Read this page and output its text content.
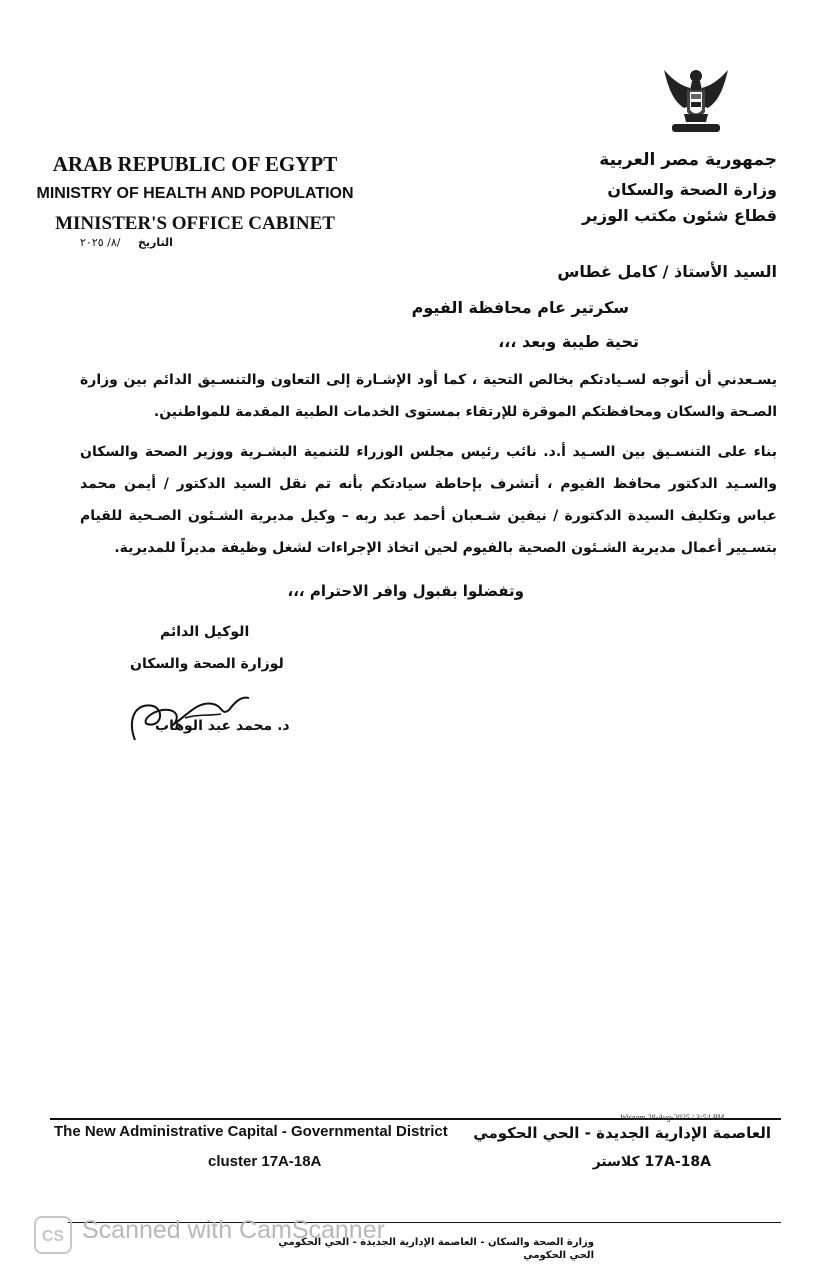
ARAB REPUBLIC OF EGYPT
MINISTRY OF HEALTH AND POPULATION
MINISTER'S OFFICE CABINET
جمهورية مصر العربية
وزارة الصحة والسكان
قطاع شئون مكتب الوزير
التاريخ /٨/ ٢٠٢٥
السيد الأستاذ / كامل غطاس
سكرتير عام محافظة الفيوم
تحية طيبة وبعد ،،،
يسـعدني أن أتوجه لسـيادتكم بخالص التحية ، كما أود الإشـارة إلى التعاون والتنسـيق الدائم بين وزارة الصـحة والسكان ومحافظتكم الموقرة للإرتقاء بمستوى الخدمات الطبية المقدمة للمواطنين.
بناء على التنسـيق بين السـيد أ.د. نائب رئيس مجلس الوزراء للتنمية البشـرية ووزير الصحة والسكان والسـيد الدكتور محافظ الفيوم ، أتشرف بإحاطة سيادتكم بأنه تم نقل السيد الدكتور / أيمن محمد عباس وتكليف السيدة الدكتورة / نيفين شـعبان أحمد عبد ربه – وكيل مديرية الشـئون الصـحية للقيام بتسـيير أعمال مديرية الشـئون الصحية بالفيوم لحين اتخاذ الإجراءات لشغل وظيفة مديراً للمديرية.
وتفضلوا بقبول وافر الاحترام ،،،
الوكيل الدائم
لوزارة الصحة والسكان
د. محمد عبد الوهاب
Wisaam 28-Aug-2025 / 3:54 PM
The New Administrative Capital - Governmental District
cluster 17A-18A
العاصمة الإدارية الجديدة - الحي الحكومي
17A-18A كلاستر
وزارة الصحة والسكان - العاصمة الإدارية الجديدة - الحي الحكومي
الحي الحكومي
CS Scanned with CamScanner
